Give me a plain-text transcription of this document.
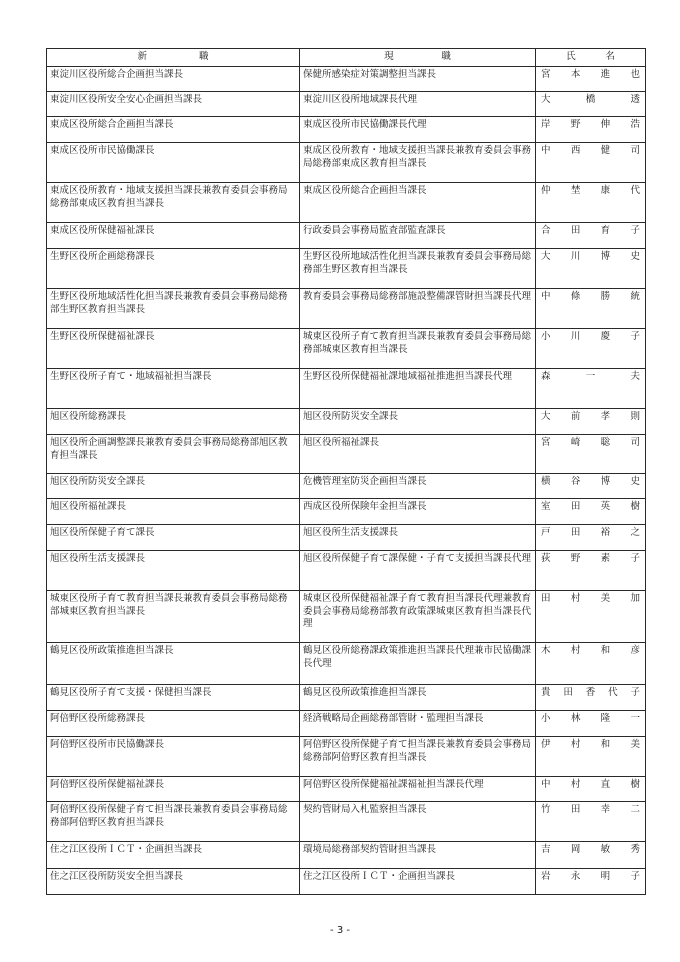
新 職	現 職	氏 名

東淀川区役所総合企画担当課長	保健所感染症対策調整担当課長	宮 本 進 也

東淀川区役所安全安心企画担当課長	東淀川区役所地域課長代理	大 橋 透

東成区役所総合企画担当課長	東成区役所市民協働課長代理	岸 野 伸 浩

東成区役所市民協働課長	東成区役所教育・地域支援担当課長兼教育委員会事務局総務部東成区教育担当課長	中 西 健 司

東成区役所教育・地域支援担当課長兼教育委員会事務局総務部東成区教育担当課長	東成区役所総合企画担当課長	仲 埜 康 代

東成区役所保健福祉課長	行政委員会事務局監査部監査課長	合 田 育 子

生野区役所企画総務課長	生野区役所地域活性化担当課長兼教育委員会事務局総務部生野区教育担当課長	大 川 博 史

生野区役所地域活性化担当課長兼教育委員会事務局総務部生野区教育担当課長	教育委員会事務局総務部施設整備課管財担当課長代理	中 條 勝 統

生野区役所保健福祉課長	城東区役所子育て教育担当課長兼教育委員会事務局総務部城東区教育担当課長	小 川 慶 子

生野区役所子育て・地域福祉担当課長	生野区役所保健福祉課地域福祉推進担当課長代理	森 一 夫

旭区役所総務課長	旭区役所防災安全課長	大 前 孝 則

旭区役所企画調整課長兼教育委員会事務局総務部旭区教育担当課長	旭区役所福祉課長	宮 崎 聡 司

旭区役所防災安全課長	危機管理室防災企画担当課長	横 谷 博 史

旭区役所福祉課長	西成区役所保険年金担当課長	室 田 英 樹

旭区役所保健子育て課長	旭区役所生活支援課長	戸 田 裕 之

旭区役所生活支援課長	旭区役所保健子育て課保健・子育て支援担当課長代理	荻 野 素 子

城東区役所子育て教育担当課長兼教育委員会事務局総務部城東区教育担当課長	城東区役所保健福祉課子育て教育担当課長代理兼教育委員会事務局総務部教育政策課城東区教育担当課長代理	田 村 美 加

鶴見区役所政策推進担当課長	鶴見区役所総務課政策推進担当課長代理兼市民協働課長代理	木 村 和 彦

鶴見区役所子育て支援・保健担当課長	鶴見区役所政策推進担当課長	貴 田 香 代 子

阿倍野区役所総務課長	経済戦略局企画総務部管財・監理担当課長	小 林 隆 一

阿倍野区役所市民協働課長	阿倍野区役所保健子育て担当課長兼教育委員会事務局総務部阿倍野区教育担当課長	伊 村 和 美

阿倍野区役所保健福祉課長	阿倍野区役所保健福祉課福祉担当課長代理	中 村 直 樹

阿倍野区役所保健子育て担当課長兼教育委員会事務局総務部阿倍野区教育担当課長	契約管財局入札監察担当課長	竹 田 幸 二

住之江区役所ＩＣＴ・企画担当課長	環境局総務部契約管財担当課長	吉 岡 敏 秀

住之江区役所防災安全担当課長	住之江区役所ＩＣＴ・企画担当課長	岩 永 明 子
- 3 -
